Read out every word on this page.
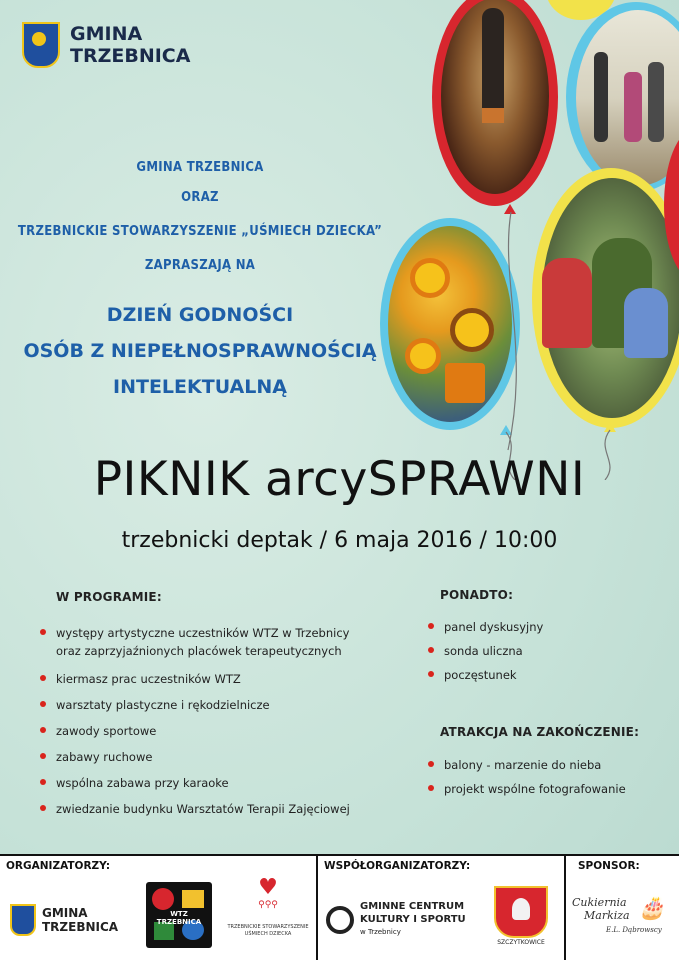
GMINA
TRZEBNICA
GMINA TRZEBNICA
ORAZ
TRZEBNICKIE STOWARZYSZENIE „UŚMIECH DZIECKA”
ZAPRASZAJĄ NA
DZIEŃ GODNOŚCI
OSÓB Z NIEPEŁNOSPRAWNOŚCIĄ
INTELEKTUALNĄ
PIKNIK arcySPRAWNI
trzebnicki deptak / 6 maja 2016 / 10:00
W PROGRAMIE:
występy artystyczne uczestników WTZ w Trzebnicy
oraz zaprzyjaźnionych placówek terapeutycznych
kiermasz prac uczestników WTZ
warsztaty plastyczne i rękodzielnicze
zawody sportowe
zabawy ruchowe
wspólna zabawa przy karaoke
zwiedzanie budynku Warsztatów Terapii Zajęciowej
PONADTO:
panel dyskusyjny
sonda uliczna
poczęstunek
ATRAKCJA NA ZAKOŃCZENIE:
balony - marzenie do nieba
projekt wspólne fotografowanie
ORGANIZATORZY:
GMINA
TRZEBNICA
WTZ TRZEBNICA
♥
⚲⚲⚲
TRZEBNICKIE STOWARZYSZENIE
UŚMIECH DZIECKA
WSPÓŁORGANIZATORZY:
GMINNE CENTRUM
KULTURY I SPORTU
w Trzebnicy
SZCZYTKOWICE
SPONSOR:
Cukiernia
Markiza
E.L. Dąbrowscy
🎂
